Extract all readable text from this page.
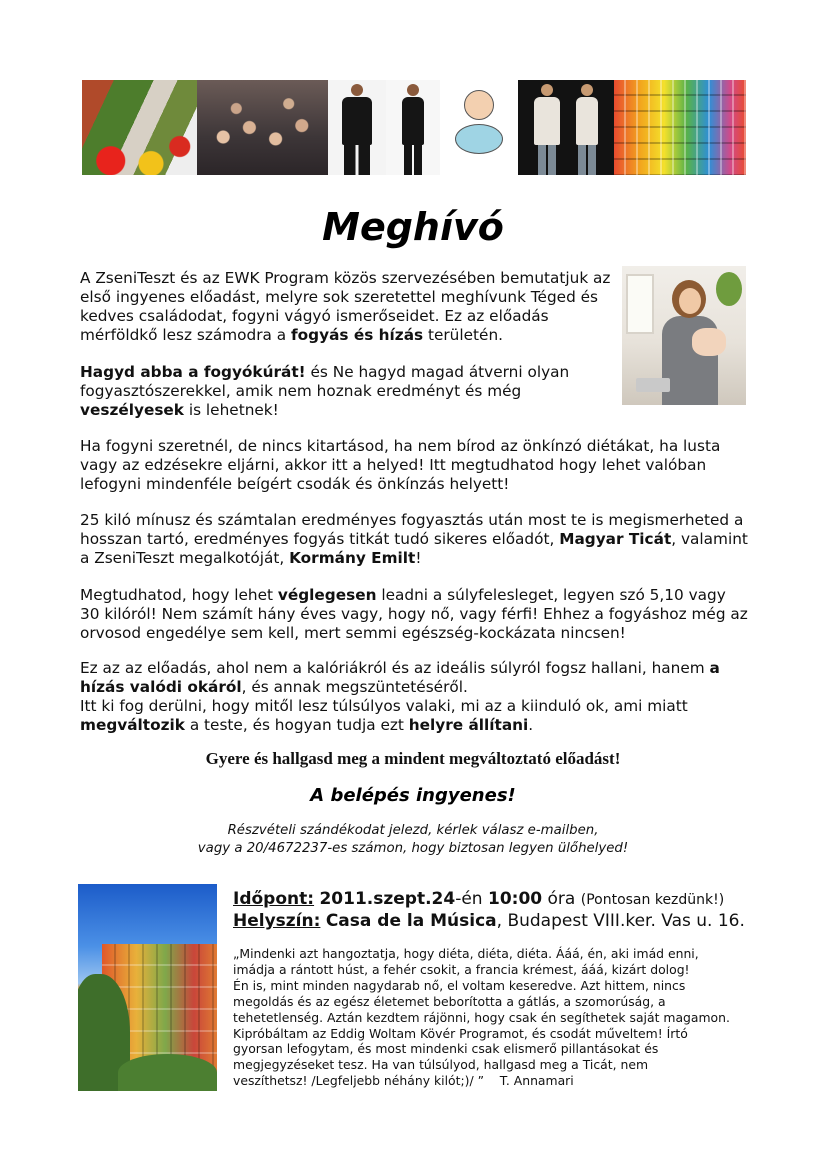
Meghívó

A ZseniTeszt és az EWK Program közös szervezésében bemutatjuk az első ingyenes előadást, melyre sok szeretettel meghívunk Téged és kedves családodat, fogyni vágyó ismerőseidet. Ez az előadás mérföldkő lesz számodra a fogyás és hízás területén.

Hagyd abba a fogyókúrát! és Ne hagyd magad átverni olyan fogyasztószerekkel, amik nem hoznak eredményt és még veszélyesek is lehetnek!

Ha fogyni szeretnél, de nincs kitartásod, ha nem bírod az önkínzó diétákat, ha lusta vagy az edzésekre eljárni, akkor itt a helyed! Itt megtudhatod hogy lehet valóban lefogyni mindenféle beígért csodák és önkínzás helyett!

25 kiló mínusz és számtalan eredményes fogyasztás után most te is megismerheted a hosszan tartó, eredményes fogyás titkát tudó sikeres előadót, Magyar Ticát, valamint a ZseniTeszt megalkotóját, Kormány Emilt!

Megtudhatod, hogy lehet véglegesen leadni a súlyfelesleget, legyen szó 5,10 vagy 30 kilóról! Nem számít hány éves vagy, hogy nő, vagy férfi! Ehhez a fogyáshoz még az orvosod engedélye sem kell, mert semmi egészség-kockázata nincsen!

Ez az az előadás, ahol nem a kalóriákról és az ideális súlyról fogsz hallani, hanem a hízás valódi okáról, és annak megszüntetéséről.
Itt ki fog derülni, hogy mitől lesz túlsúlyos valaki, mi az a kiinduló ok, ami miatt megváltozik a teste, és hogyan tudja ezt helyre állítani.

Gyere és hallgasd meg a mindent megváltoztató előadást!

A belépés ingyenes!

Részvételi szándékodat jelezd, kérlek válasz e-mailben,
vagy a 20/4672237-es számon, hogy biztosan legyen ülőhelyed!

Időpont: 2011.szept.24-én 10:00 óra (Pontosan kezdünk!)

Helyszín: Casa de la Música, Budapest VIII.ker. Vas u. 16.

„Mindenki azt hangoztatja, hogy diéta, diéta, diéta. Ááá, én, aki imád enni,
imádja a rántott húst, a fehér csokit, a francia krémest, ááá, kizárt dolog!
Én is, mint minden nagydarab nő, el voltam keseredve. Azt hittem, nincs
megoldás és az egész életemet beborította a gátlás, a szomorúság, a
tehetetlenség. Aztán kezdtem rájönni, hogy csak én segíthetek saját magamon.
Kipróbáltam az Eddig Woltam Kövér Programot, és csodát műveltem! Írtó
gyorsan lefogytam, és most mindenki csak elismerő pillantásokat és
megjegyzéseket tesz. Ha van túlsúlyod, hallgasd meg a Ticát, nem
veszíthetsz! /Legfeljebb néhány kilót;)/ ”    T. Annamari
